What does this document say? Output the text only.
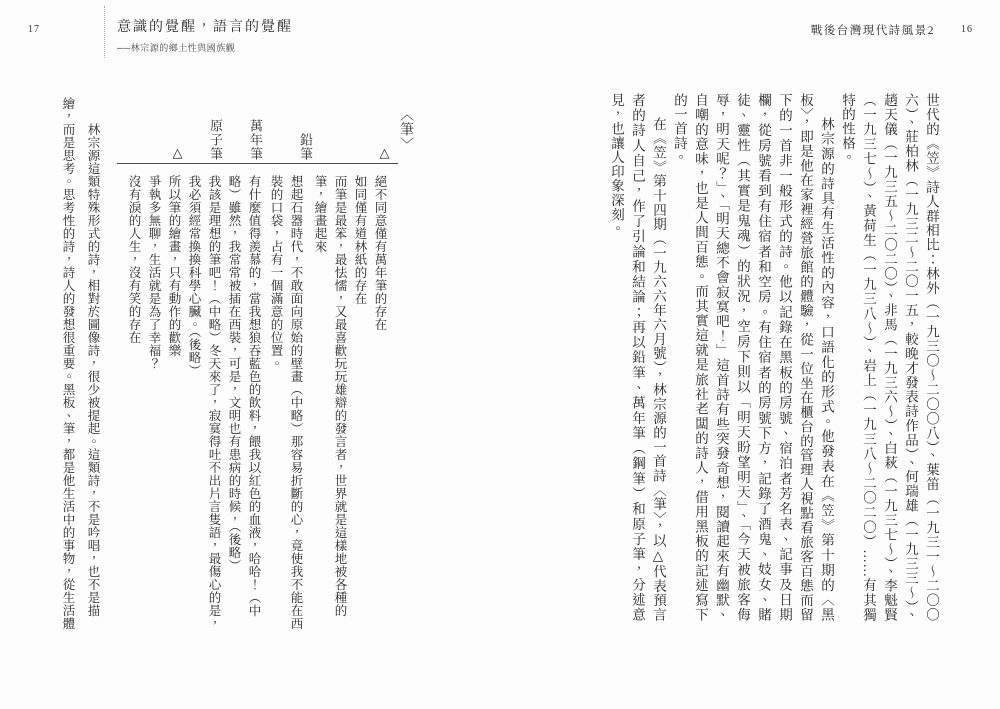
17	意識的覺醒，語言的覺醒
──林宗源的鄉土性與國族觀
〈筆〉
△
鉛筆
萬年筆
原子筆
△

絕不同意僅有萬年筆的存在

如同僅有道林紙的存在

而筆是最笨，最怯懦，又最喜歡玩玩雄辯的發言者，世界就是這樣地被各種的筆，繪畫起來

想起石器時代，不敢面向原始的壁畫（中略）那容易折斷的心，竟使我不能在西裝的口袋，占有一個滿意的位置。

有什麼值得羨慕的，當我想狼吞藍色的飲料，餵我以紅色的血液，哈哈！（中略）雖然，我常常被插在西裝，可是，文明也有患病的時候，（後略）

我該是理想的筆吧！（中略）冬天來了，寂寞得吐不出片言隻語，最傷心的是，我必須經常換換科學心臟。（後略）

所以筆的繪畫，只有動作的歡樂

爭執多無聊，生活就是為了幸福？

沒有淚的人生，沒有笑的存在

林宗源這類特殊形式的詩，相對於圖像詩，很少被提起。這類詩，不是吟唱，也不是描繪，而是思考。思考性的詩，詩人的發想很重要。黑板、筆，都是他生活中的事物，從生活體

戰後台灣現代詩風景2	16

世代的《笠》詩人群相比：林外（一九三〇～二〇〇八）、葉笛（一九三一～二〇〇六）、莊柏林（一九三二～二〇一五，較晚才發表詩作品）、何瑞雄（一九三三～）、趙天儀（一九三五～二〇二〇）、非馬（一九三六～）、白萩（一九三七～）、李魁賢（一九三七～）、黃荷生（一九三八～）、岩上（一九三八～二〇二〇）……有其獨特的性格。

林宗源的詩具有生活性的內容，口語化的形式。他發表在《笠》第十期的〈黑板〉，即是他在家裡經營旅館的體驗，從一位坐在櫃台的管理人視點看旅客百態而留下的一首非一般形式的詩。他以記錄在黑板的房號、宿泊者芳名表、記事及日期欄，從房號看到有住宿者和空房。有住宿者的房號下方，記錄了酒鬼、妓女、賭徒、靈性（其實是鬼魂）的狀況，空房下則以「明天盼望明天」、「今天被旅客侮辱，明天呢？」、「明天總不會寂寞吧！」這首詩有些突發奇想，閱讀起來有幽默、自嘲的意味，也是人間百態。而其實這就是旅社老闆的詩人，借用黑板的記述寫下的一首詩。

在《笠》第十四期（一九六六年六月號），林宗源的一首詩〈筆〉，以△代表預言者的詩人自己，作了引論和結論；再以鉛筆、萬年筆（鋼筆）和原子筆，分述意見，也讓人印象深刻。
